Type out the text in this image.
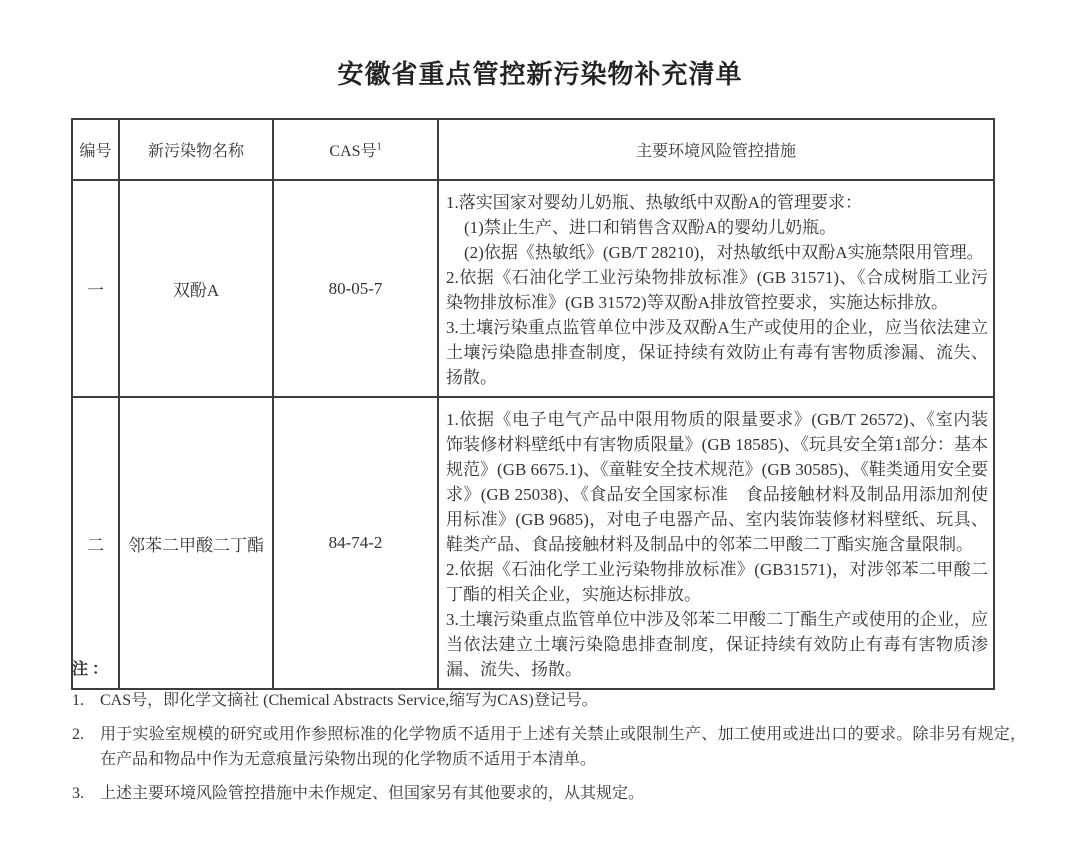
安徽省重点管控新污染物补充清单
编号	新污染物名称	CAS号$^1$	主要环境风险管控措施
一	双酚A	80-05-7	1.落实国家对婴幼儿奶瓶、热敏纸中双酚A的管理要求：

(1)禁止生产、进口和销售含双酚A的婴幼儿奶瓶。

(2)依据《热敏纸》(GB/T 28210)，对热敏纸中双酚A实施禁限用管理。

2.依据《石油化学工业污染物排放标准》(GB 31571)、《合成树脂工业污染物排放标准》(GB 31572)等双酚A排放管控要求，实施达标排放。

3.土壤污染重点监管单位中涉及双酚A生产或使用的企业，应当依法建立土壤污染隐患排查制度，保证持续有效防止有毒有害物质渗漏、流失、扬散。

二	邻苯二甲酸二丁酯	84-74-2	1.依据《电子电气产品中限用物质的限量要求》(GB/T 26572)、《室内装饰装修材料壁纸中有害物质限量》(GB 18585)、《玩具安全第1部分：基本规范》(GB 6675.1)、《童鞋安全技术规范》(GB 30585)、《鞋类通用安全要求》(GB 25038)、《食品安全国家标准　食品接触材料及制品用添加剂使用标准》(GB 9685)，对电子电器产品、室内装饰装修材料壁纸、玩具、鞋类产品、食品接触材料及制品中的邻苯二甲酸二丁酯实施含量限制。

2.依据《石油化学工业污染物排放标准》(GB31571)，对涉邻苯二甲酸二丁酯的相关企业，实施达标排放。

3.土壤污染重点监管单位中涉及邻苯二甲酸二丁酯生产或使用的企业，应当依法建立土壤污染隐患排查制度，保证持续有效防止有毒有害物质渗漏、流失、扬散。

注 ：
1.	CAS号，即化学文摘社 (Chemical Abstracts Service,缩写为CAS)登记号。
2.	用于实验室规模的研究或用作参照标准的化学物质不适用于上述有关禁止或限制生产、加工使用或进出口的要求。除非另有规定，在产品和物品中作为无意痕量污染物出现的化学物质不适用于本清单。
3.	上述主要环境风险管控措施中未作规定、但国家另有其他要求的，从其规定。
